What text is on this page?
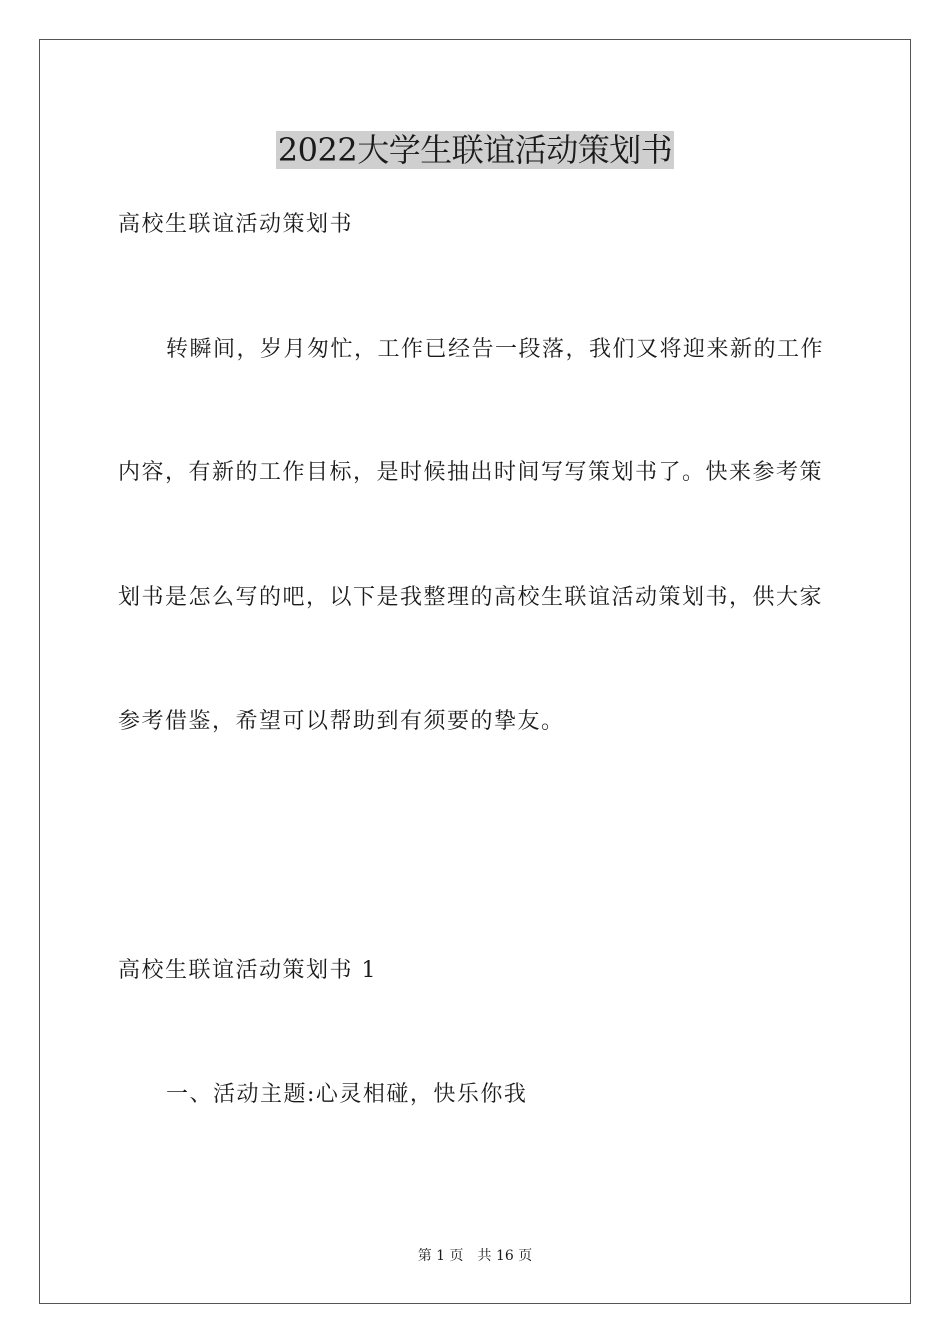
2022大学生联谊活动策划书

高校生联谊活动策划书

转瞬间，岁月匆忙，工作已经告一段落，我们又将迎来新的工作

内容，有新的工作目标，是时候抽出时间写写策划书了。快来参考策

划书是怎么写的吧，以下是我整理的高校生联谊活动策划书，供大家

参考借鉴，希望可以帮助到有须要的挚友。

高校生联谊活动策划书 1

一、活动主题:心灵相碰，快乐你我

第 1 页　共 16 页
